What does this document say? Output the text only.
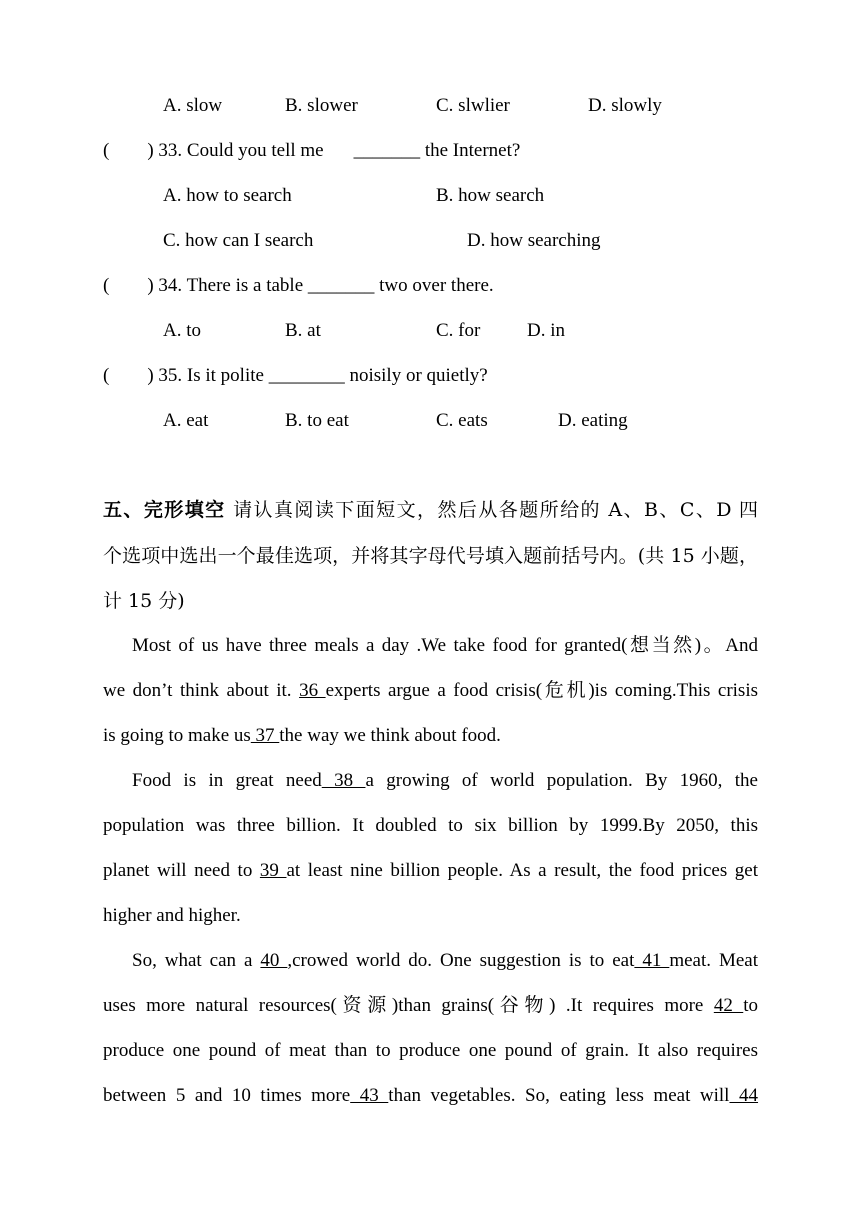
A. slow	B. slower	C. slwlier	D. slowly
( ) 33. Could you tell me _______ the Internet?
A. how to search	B. how search
C. how can I search	D. how searching
( ) 34. There is a table _______ two over there.
A. to	B. at	C. for D. in
( ) 35. Is it polite ________ noisily or quietly?
A. eat	B. to eat	C. eats	D. eating
五、完形填空 请认真阅读下面短文，然后从各题所给的 A、B、C、D 四
个选项中选出一个最佳选项，并将其字母代号填入题前括号内。(共 15 小题，
计 15 分)
Most of us have three meals a day .We take food for granted(想当然)。And
we don’t think about it. 36 experts argue a food crisis(危机)is coming.This crisis
is going to make us 37 the way we think about food.
Food is in great need 38 a growing of world population. By 1960, the
population was three billion. It doubled to six billion by 1999.By 2050, this
planet will need to 39 at least nine billion people. As a result, the food prices get
higher and higher.
So, what can a 40 ,crowed world do. One suggestion is to eat 41 meat. Meat
uses more natural resources(资源)than grains(谷物) .It requires more 42 to
produce one pound of meat than to produce one pound of grain. It also requires
between 5 and 10 times more 43 than vegetables. So, eating less meat will 44
